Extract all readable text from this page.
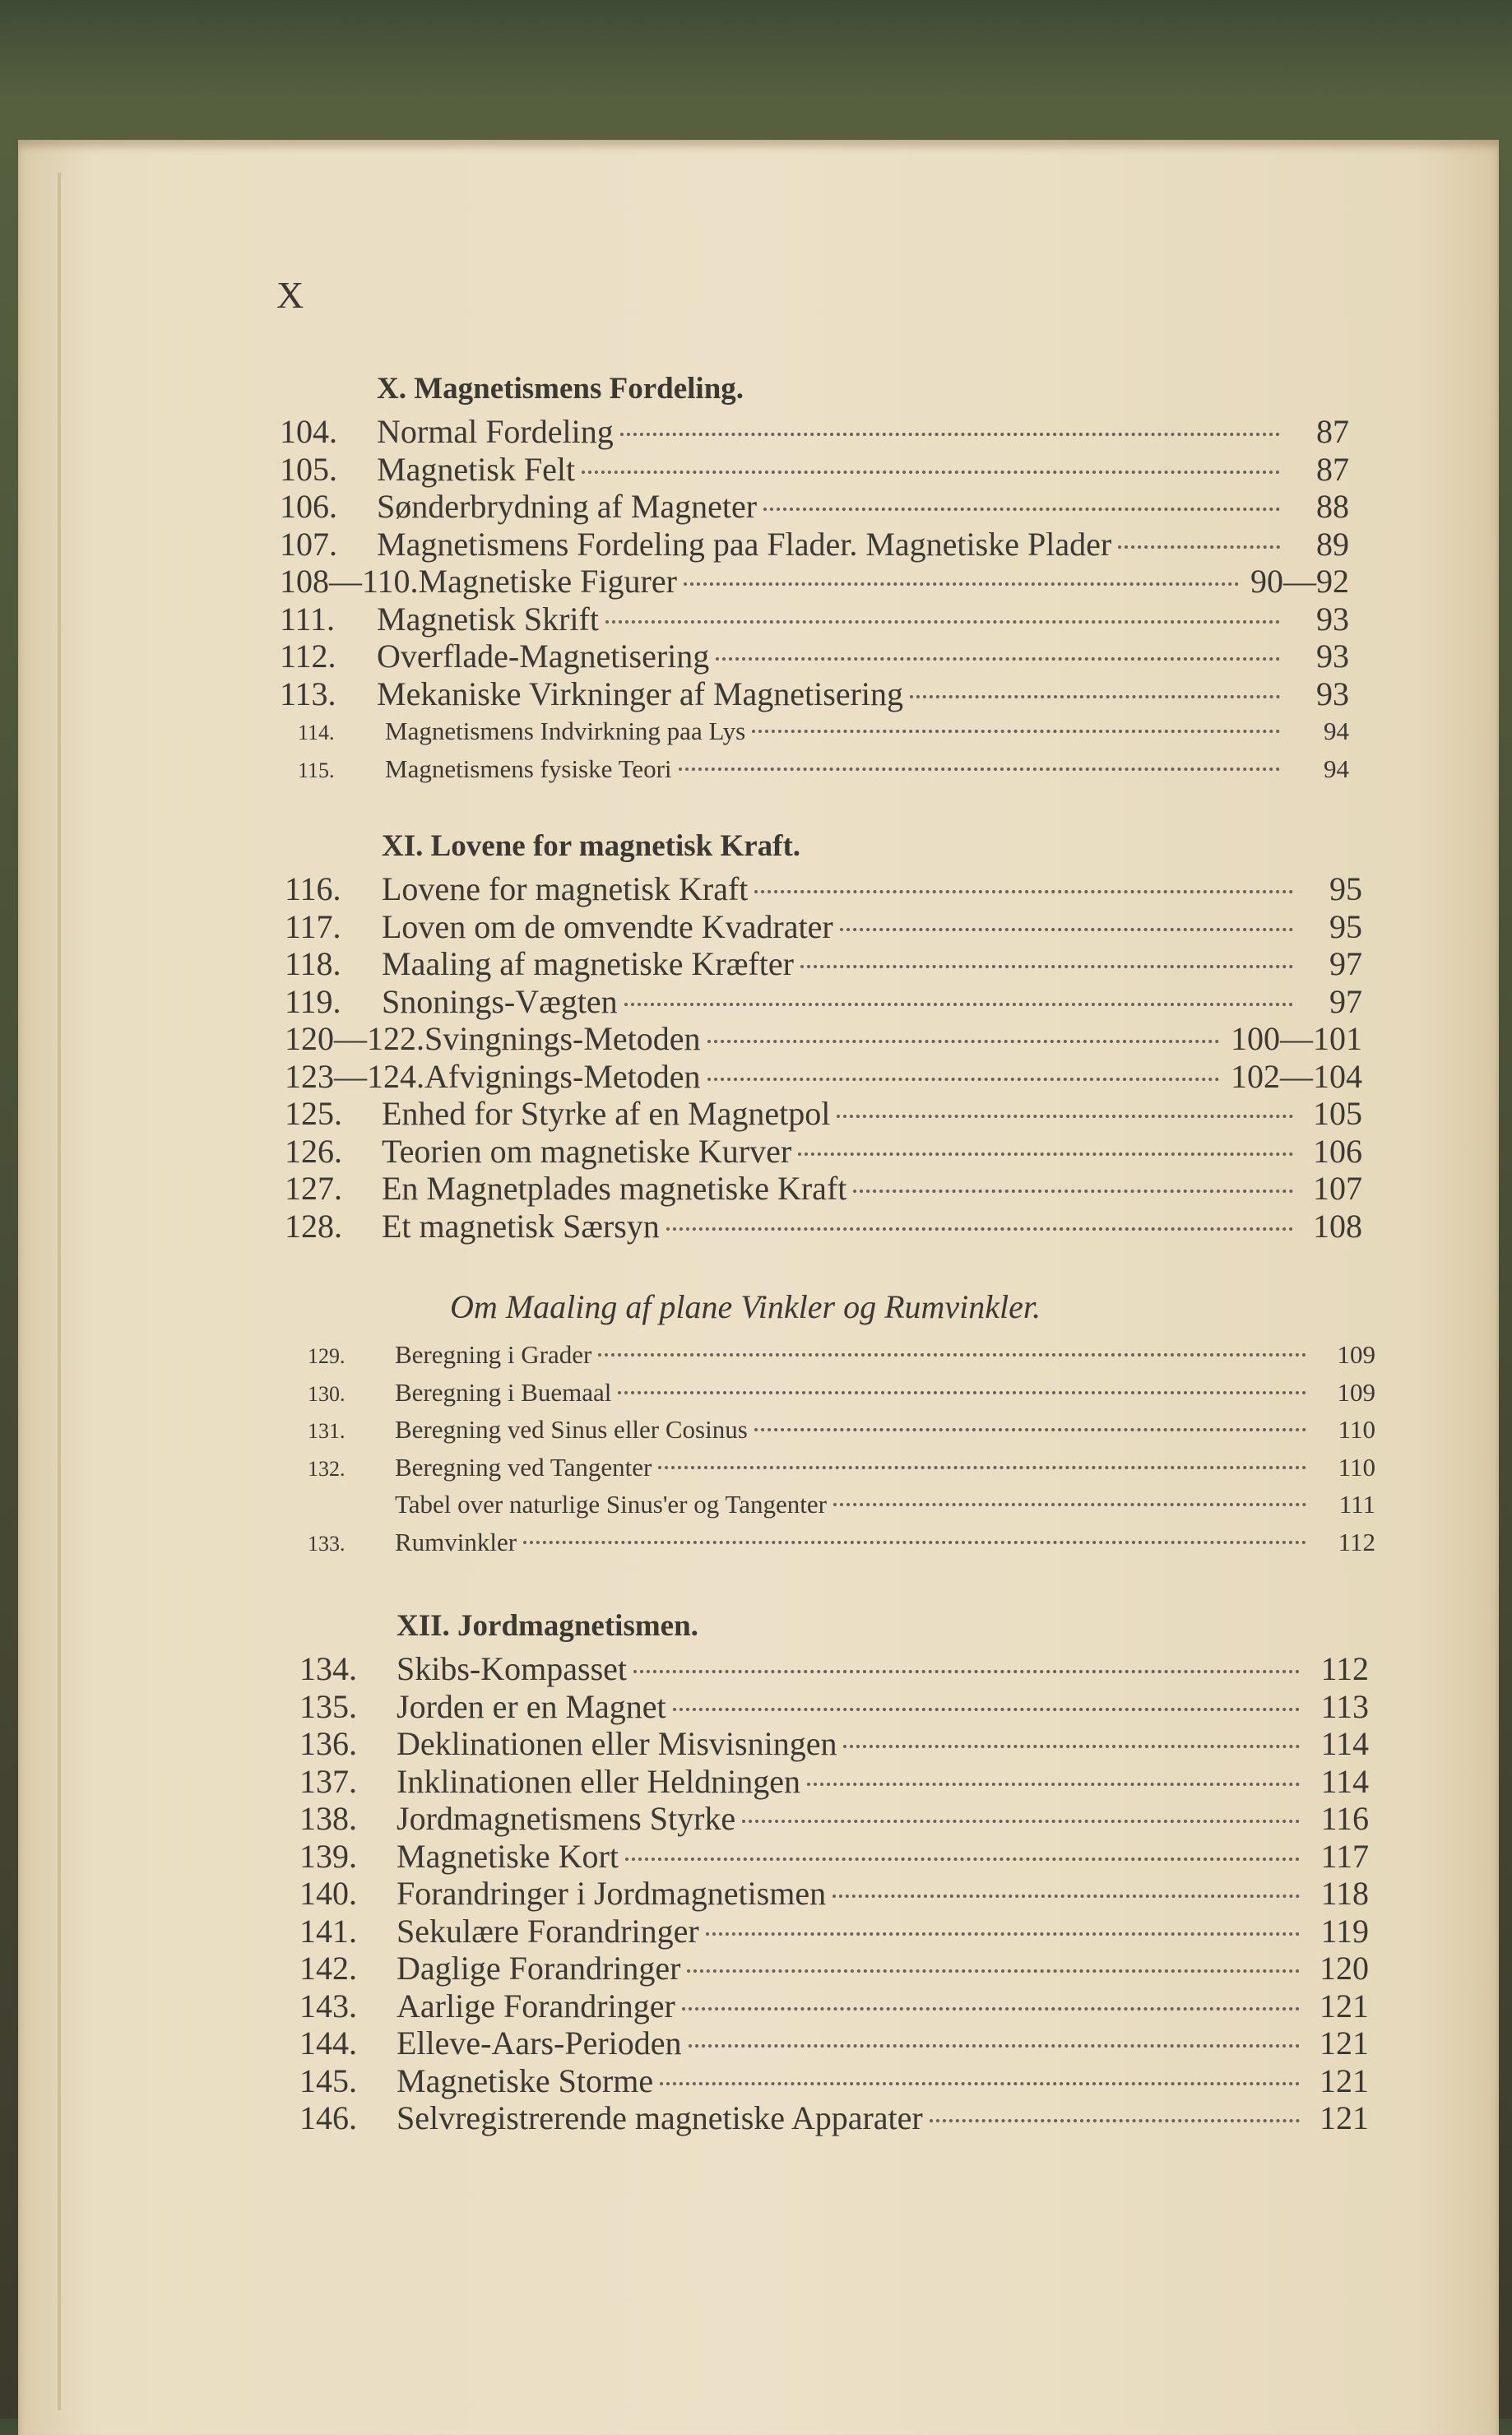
X
X. Magnetismens Fordeling.
104.	Normal Fordeling	87
105.	Magnetisk Felt	87
106.	Sønderbrydning af Magneter	88
107.	Magnetismens Fordeling paa Flader. Magnetiske Plader	89
108—110. Magnetiske Figurer	90—92
111.	Magnetisk Skrift	93
112.	Overflade-Magnetisering	93
113.	Mekaniske Virkninger af Magnetisering	93
114.	Magnetismens Indvirkning paa Lys	94
115.	Magnetismens fysiske Teori	94
XI. Lovene for magnetisk Kraft.
116.	Lovene for magnetisk Kraft	95
117.	Loven om de omvendte Kvadrater	95
118.	Maaling af magnetiske Kræfter	97
119.	Snonings-Vægten	97
120—122. Svingnings-Metoden	100—101
123—124. Afvignings-Metoden	102—104
125.	Enhed for Styrke af en Magnetpol	105
126.	Teorien om magnetiske Kurver	106
127.	En Magnetplades magnetiske Kraft	107
128.	Et magnetisk Særsyn	108
Om Maaling af plane Vinkler og Rumvinkler.
129.	Beregning i Grader	109
130.	Beregning i Buemaal	109
131.	Beregning ved Sinus eller Cosinus	110
132.	Beregning ved Tangenter	110
Tabel over naturlige Sinus'er og Tangenter	111
133.	Rumvinkler	112
XII. Jordmagnetismen.
134.	Skibs-Kompasset	112
135.	Jorden er en Magnet	113
136.	Deklinationen eller Misvisningen	114
137.	Inklinationen eller Heldningen	114
138.	Jordmagnetismens Styrke	116
139.	Magnetiske Kort	117
140.	Forandringer i Jordmagnetismen	118
141.	Sekulære Forandringer	119
142.	Daglige Forandringer	120
143.	Aarlige Forandringer	121
144.	Elleve-Aars-Perioden	121
145.	Magnetiske Storme	121
146.	Selvregistrerende magnetiske Apparater	121
